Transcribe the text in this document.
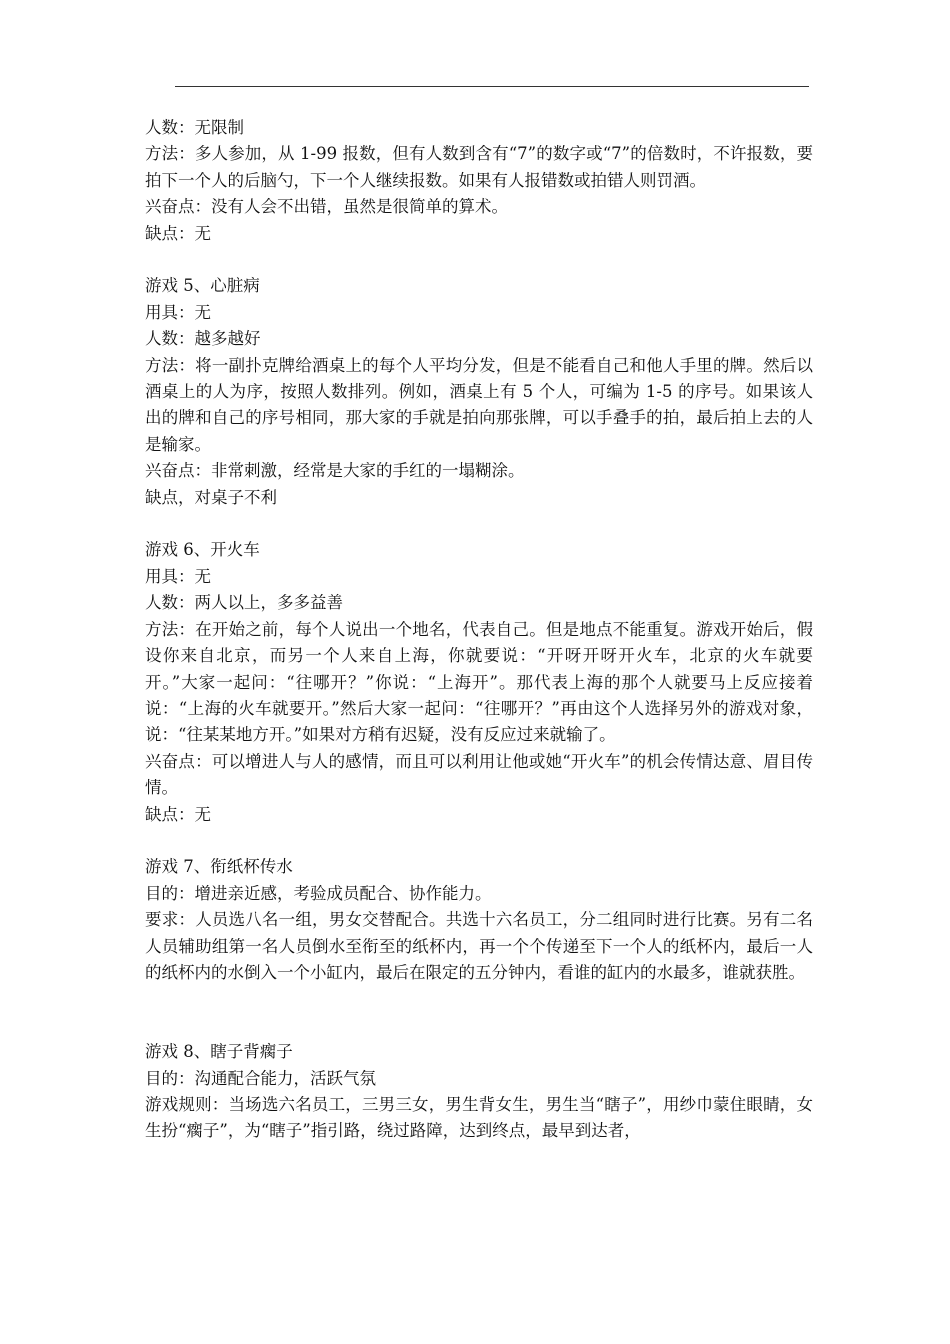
人数：无限制

方法：多人参加，从 1-99 报数，但有人数到含有“7”的数字或“7”的倍数时，不许报数，要拍下一个人的后脑勺，下一个人继续报数。如果有人报错数或拍错人则罚酒。

兴奋点：没有人会不出错，虽然是很简单的算术。

缺点：无

游戏 5、心脏病

用具：无

人数：越多越好

方法：将一副扑克牌给酒桌上的每个人平均分发，但是不能看自己和他人手里的牌。然后以酒桌上的人为序，按照人数排列。例如，酒桌上有 5 个人，可编为 1-5 的序号。如果该人出的牌和自己的序号相同，那大家的手就是拍向那张牌，可以手叠手的拍，最后拍上去的人是输家。

兴奋点：非常刺激，经常是大家的手红的一塌糊涂。

缺点，对桌子不利

游戏 6、开火车

用具：无

人数：两人以上，多多益善

方法：在开始之前，每个人说出一个地名，代表自己。但是地点不能重复。游戏开始后，假设你来自北京，而另一个人来自上海，你就要说：“开呀开呀开火车，北京的火车就要开。”大家一起问：“往哪开？”你说：“上海开”。那代表上海的那个人就要马上反应接着说：“上海的火车就要开。”然后大家一起问：“往哪开？”再由这个人选择另外的游戏对象，说：“往某某地方开。”如果对方稍有迟疑，没有反应过来就输了。

兴奋点：可以增进人与人的感情，而且可以利用让他或她“开火车”的机会传情达意、眉目传情。

缺点：无

游戏 7、衔纸杯传水

目的：增进亲近感，考验成员配合、协作能力。

要求：人员选八名一组，男女交替配合。共选十六名员工，分二组同时进行比赛。另有二名人员辅助组第一名人员倒水至衔至的纸杯内，再一个个传递至下一个人的纸杯内，最后一人的纸杯内的水倒入一个小缸内，最后在限定的五分钟内，看谁的缸内的水最多，谁就获胜。

游戏 8、瞎子背瘸子

目的：沟通配合能力，活跃气氛

游戏规则：当场选六名员工，三男三女，男生背女生，男生当“瞎子”，用纱巾蒙住眼睛，女生扮“瘸子”，为“瞎子”指引路，绕过路障，达到终点，最早到达者，
